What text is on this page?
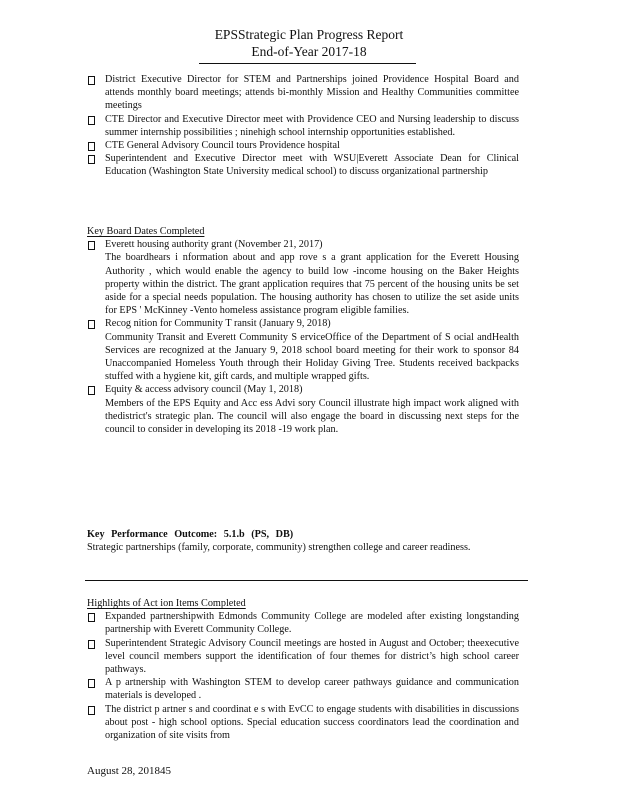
EPSStrategic Plan Progress Report
End-of-Year 2017-18
District Executive Director for STEM and Partnerships joined Providence Hospital Board and attends monthly board meetings; attends bi-monthly Mission and Healthy Communities committee meetings
CTE Director and Executive Director meet with Providence CEO and Nursing leadership to discuss summer internship possibilities ; ninehigh school internship opportunities established.
CTE General Advisory Council tours Providence hospital
Superintendent and Executive Director meet with WSU|Everett Associate Dean for Clinical Education (Washington State University medical school) to discuss organizational partnership
Key Board Dates Completed
Everett housing authority grant (November 21, 2017)
The boardhears i nformation about and app rove s a grant application for the Everett Housing Authority , which would enable the agency to build low -income housing on the Baker Heights property within the district. The grant application requires that 75 percent of the housing units be set aside for a special needs population. The housing authority has chosen to utilize the set aside units for EPS ' McKinney -Vento homeless assistance program eligible families.
Recog nition for Community T ransit (January 9, 2018)
Community Transit and Everett Community S erviceOffice of the Department of S ocial andHealth Services are recognized at the January 9, 2018 school board meeting for their work to sponsor 84 Unaccompanied Homeless Youth through their Holiday Giving Tree. Students received backpacks stuffed with a hygiene kit, gift cards, and multiple wrapped gifts.
Equity & access advisory council (May 1, 2018)
Members of the EPS Equity and Acc ess Advi sory Council illustrate high impact work aligned with thedistrict's strategic plan. The council will also engage the board in discussing next steps for the council to consider in developing its 2018 -19 work plan.
Key Performance Outcome: 5.1.b (PS, DB)
Strategic partnerships (family, corporate, community) strengthen college and career readiness.
Highlights of Act ion Items Completed
Expanded partnershipwith Edmonds Community College are modeled after existing longstanding partnership with Everett Community College.
Superintendent Strategic Advisory Council meetings are hosted in August and October; theexecutive level council members support the identification of four themes for district’s high school career pathways.
A p artnership with Washington STEM to develop career pathways guidance and communication materials is developed .
The district p artner s and coordinat e s with EvCC to engage students with disabilities in discussions about post - high school options. Special education success coordinators lead the coordination and organization of site visits from
August 28, 201845
